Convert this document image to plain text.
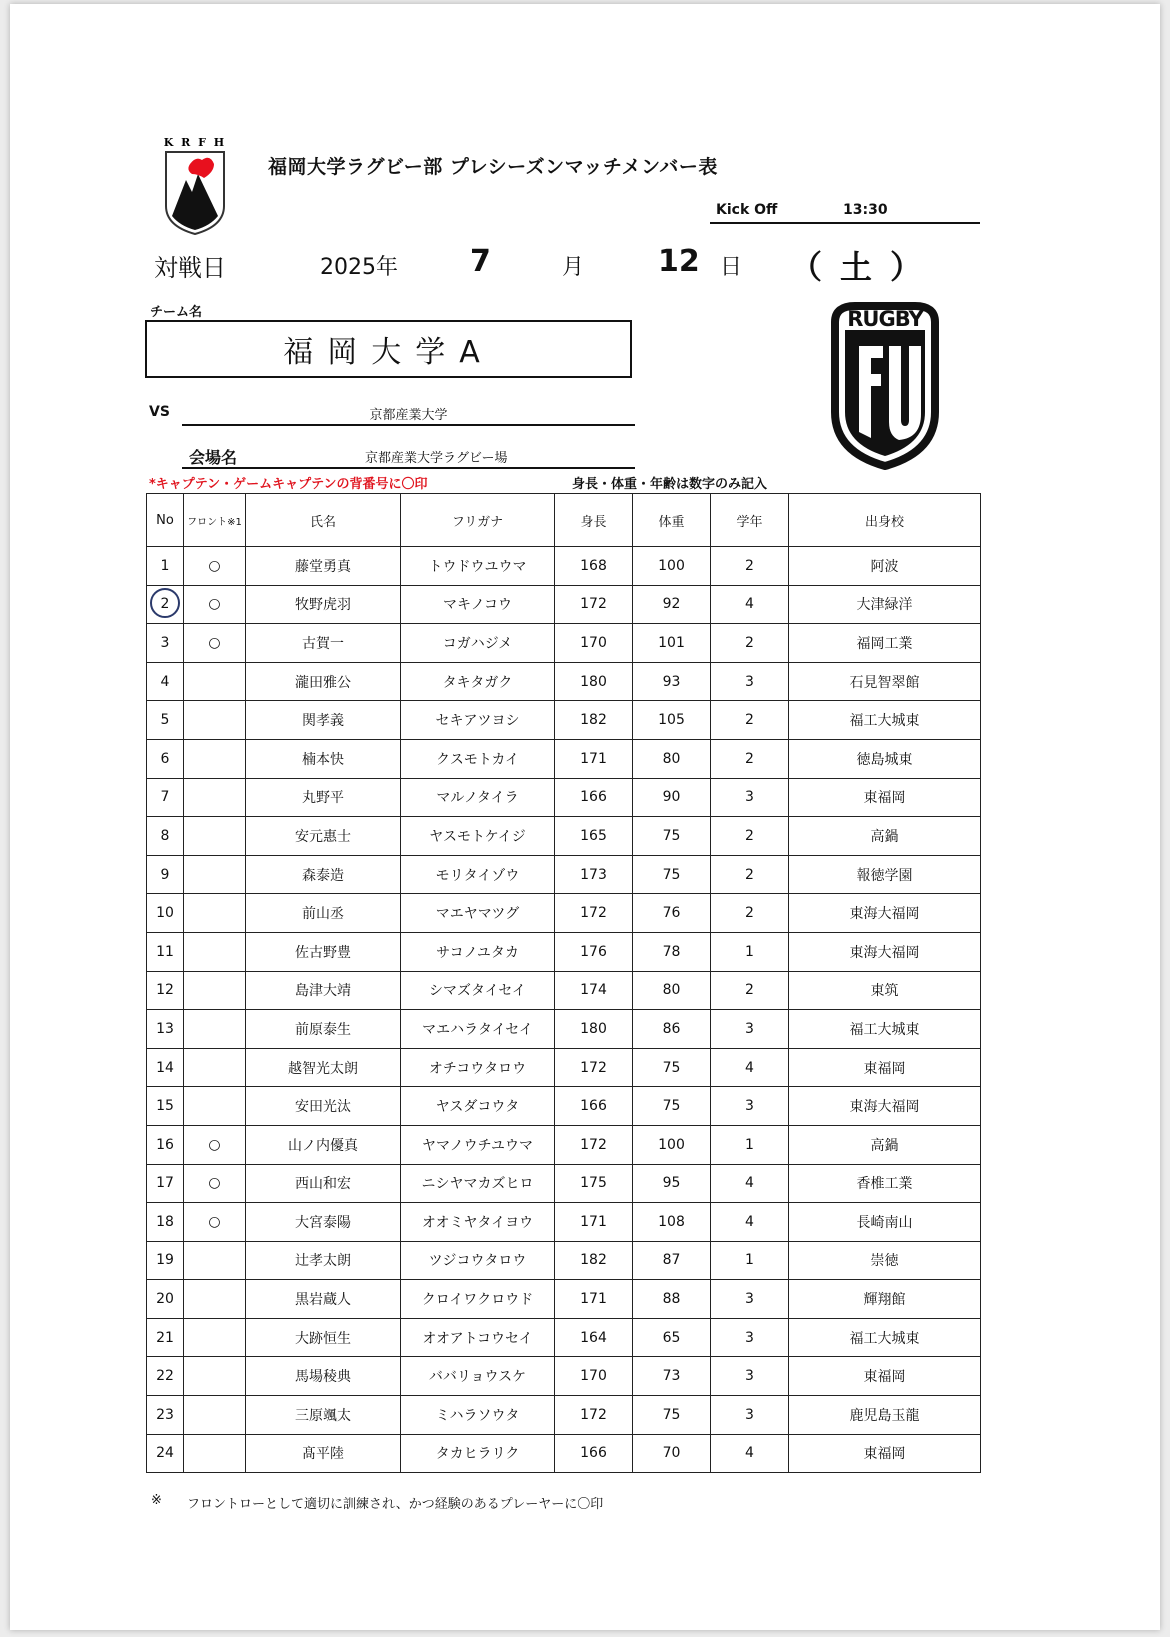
K R F H
福岡大学ラグビー部 プレシーズンマッチメンバー表
Kick Off	13:30
対戦日	2025年 7	月 12 日 （土）
チーム名
福岡大学A
VS	京都産業大学
会場名	京都産業大学ラグビー場
RUGBY
*キャプテン・ゲームキャプテンの背番号に〇印	身長・体重・年齢は数字のみ記入
No	フロント※1	氏名	フリガナ	身長	体重	学年	出身校
1	○	藤堂勇真	トウドウユウマ	168	100	2	阿波

2	○	牧野虎羽	マキノコウ	172	92	4	大津緑洋
3	○	古賀一	コガハジメ	170	101	2	福岡工業
4		瀧田雅公	タキタガク	180	93	3	石見智翠館
5		関孝義	セキアツヨシ	182	105	2	福工大城東
6		楠本快	クスモトカイ	171	80	2	徳島城東
7		丸野平	マルノタイラ	166	90	3	東福岡
8		安元惠士	ヤスモトケイジ	165	75	2	高鍋
9		森泰造	モリタイゾウ	173	75	2	報徳学園
10		前山丞	マエヤマツグ	172	76	2	東海大福岡
11		佐古野豊	サコノユタカ	176	78	1	東海大福岡
12		島津大靖	シマズタイセイ	174	80	2	東筑
13		前原泰生	マエハラタイセイ	180	86	3	福工大城東
14		越智光太朗	オチコウタロウ	172	75	4	東福岡
15		安田光汰	ヤスダコウタ	166	75	3	東海大福岡
16	○	山ノ内優真	ヤマノウチユウマ	172	100	1	高鍋
17	○	西山和宏	ニシヤマカズヒロ	175	95	4	香椎工業
18	○	大宮泰陽	オオミヤタイヨウ	171	108	4	長崎南山
19		辻孝太朗	ツジコウタロウ	182	87	1	崇徳
20		黒岩蔵人	クロイワクロウド	171	88	3	輝翔館
21		大跡恒生	オオアトコウセイ	164	65	3	福工大城東
22		馬場稜典	ババリョウスケ	170	73	3	東福岡
23		三原颯太	ミハラソウタ	172	75	3	鹿児島玉龍
24		髙平陸	タカヒラリク	166	70	4	東福岡
※ フロントローとして適切に訓練され、かつ経験のあるプレーヤーに〇印
